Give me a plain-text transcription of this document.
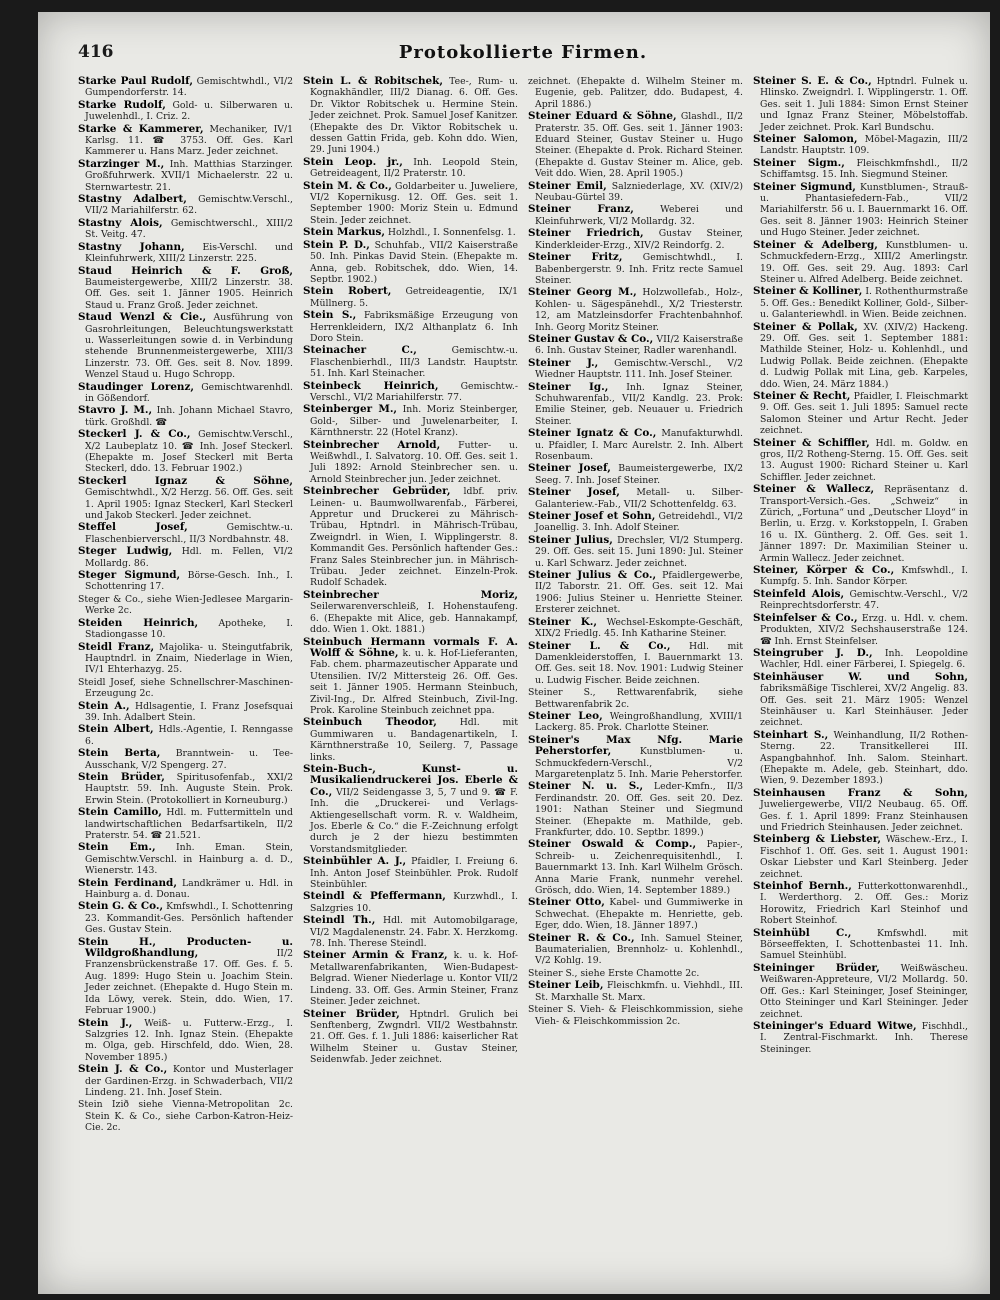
416	Protokollierte Firmen.

Starke Paul Rudolf, Gemischtwhdl., VI/2 Gumpendorferstr. 14.

Starke Rudolf, Gold- u. Silberwaren u. Juwelenhdl., I. Criz. 2.

Starke & Kammerer, Mechaniker, IV/1 Karlsg. 11. ☎ 3753. Off. Ges. Karl Kammerer u. Hans Marz. Jeder zeichnet.

Starzinger M., Inh. Matthias Starzinger. Großfuhrwerk. XVII/1 Michaelerstr. 22 u. Sternwartestr. 21.

Stastny Adalbert, Gemischtw.Verschl., VII/2 Mariahilferstr. 62.

Stastny Alois, Gemischtwerschl., XIII/2 St. Veitg. 47.

Stastny Johann, Eis-Verschl. und Kleinfuhrwerk, XIII/2 Linzerstr. 225.

Staud Heinrich & F. Groß, Baumeistergewerbe, XIII/2 Linzerstr. 38. Off. Ges. seit 1. Jänner 1905. Heinrich Staud u. Franz Groß. Jeder zeichnet.

Staud Wenzl & Cie., Ausführung von Gasrohrleitungen, Beleuchtungswerkstatt u. Wasserleitungen sowie d. in Verbindung stehende Brunnenmeistergewerbe, XIII/3 Linzerstr. 73. Off. Ges. seit 8. Nov. 1899. Wenzel Staud u. Hugo Schropp.

Staudinger Lorenz, Gemischtwarenhdl. in Gößendorf.

Stavro J. M., Inh. Johann Michael Stavro, türk. Großhdl. ☎

Steckerl J. & Co., Gemischtw.Verschl., X/2 Laubeplatz 10. ☎ Inh. Josef Steckerl. (Ehepakte m. Josef Steckerl mit Berta Steckerl, ddo. 13. Februar 1902.)

Steckerl Ignaz & Söhne, Gemischtwhdl., X/2 Herzg. 56. Off. Ges. seit 1. April 1905: Ignaz Steckerl, Karl Steckerl und Jakob Steckerl. Jeder zeichnet.

Steffel Josef, Gemischtw.-u. Flaschenbierverschl., II/3 Nordbahnstr. 48.

Steger Ludwig, Hdl. m. Fellen, VI/2 Mollardg. 86.

Steger Sigmund, Börse-Gesch. Inh., I. Schottenring 17.

Steger & Co., siehe Wien-Jedlesee Margarin-Werke 2c.

Steiden Heinrich, Apotheke, I. Stadiongasse 10.

Steidl Franz, Majolika- u. Steingutfabrik, Hauptndrl. in Znaim, Niederlage in Wien, IV/1 Ehterhazyg. 25.

Steidl Josef, siehe Schnellschrer-Maschinen-Erzeugung 2c.

Stein A., Hdlsagentie, I. Franz Josefsquai 39. Inh. Adalbert Stein.

Stein Albert, Hdls.-Agentie, I. Renngasse 6.

Stein Berta, Branntwein- u. Tee-Ausschank, V/2 Spengerg. 27.

Stein Brüder, Spiritusofenfab., XXI/2 Hauptstr. 59. Inh. Auguste Stein. Prok. Erwin Stein. (Protokolliert in Korneuburg.)

Stein Camillo, Hdl. m. Futtermitteln und landwirtschaftlichen Bedarfsartikeln, II/2 Praterstr. 54. ☎ 21.521.

Stein Em., Inh. Eman. Stein, Gemischtw.Verschl. in Hainburg a. d. D., Wienerstr. 143.

Stein Ferdinand, Landkrämer u. Hdl. in Hainburg a. d. Donau.

Stein G. & Co., Kmfswhdl., I. Schottenring 23. Kommandit-Ges. Persönlich haftender Ges. Gustav Stein.

Stein H., Producten- u. Wildgroßhandlung, II/2 Franzensbrückenstraße 17. Off. Ges. f. 5. Aug. 1899: Hugo Stein u. Joachim Stein. Jeder zeichnet. (Ehepakte d. Hugo Stein m. Ida Löwy, verek. Stein, ddo. Wien, 17. Februar 1900.)

Stein J., Weiß- u. Futterw.-Erzg., I. Salzgries 12. Inh. Ignaz Stein. (Ehepakte m. Olga, geb. Hirschfeld, ddo. Wien, 28. November 1895.)

Stein J. & Co., Kontor und Musterlager der Gardinen-Erzg. in Schwaderbach, VII/2 Lindeng. 21. Inh. Josef Stein.

Stein Izið siehe Vienna-Metropolitan 2c. Stein K. & Co., siehe Carbon-Katron-Heiz-Cie. 2c.

Stein L. & Robitschek, Tee-, Rum- u. Kognakhändler, III/2 Dianag. 6. Off. Ges. Dr. Viktor Robitschek u. Hermine Stein. Jeder zeichnet. Prok. Samuel Josef Kanitzer. (Ehepakte des Dr. Viktor Robitschek u. dessen Gattin Frida, geb. Kohn ddo. Wien, 29. Juni 1904.)

Stein Leop. jr., Inh. Leopold Stein, Getreideagent, II/2 Praterstr. 10.

Stein M. & Co., Goldarbeiter u. Juweliere, VI/2 Kopernikusg. 12. Off. Ges. seit 1. September 1900: Moriz Stein u. Edmund Stein. Jeder zeichnet.

Stein Markus, Holzhdl., I. Sonnenfelsg. 1.

Stein P. D., Schuhfab., VII/2 Kaiserstraße 50. Inh. Pinkas David Stein. (Ehepakte m. Anna, geb. Robitschek, ddo. Wien, 14. Septbr. 1902.)

Stein Robert, Getreideagentie, IX/1 Müllnerg. 5.

Stein S., Fabriksmäßige Erzeugung von Herrenkleidern, IX/2 Althanplatz 6. Inh Doro Stein.

Steinacher C., Gemischtw.-u. Flaschenbierhdl., III/3 Landstr. Hauptstr. 51. Inh. Karl Steinacher.

Steinbeck Heinrich, Gemischtw.-Verschl., VI/2 Mariahilferstr. 77.

Steinberger M., Inh. Moriz Steinberger, Gold-, Silber- und Juwelenarbeiter, I. Kärnthnerstr. 22 (Hotel Kranz).

Steinbrecher Arnold, Futter- u. Weißwhdl., I. Salvatorg. 10. Off. Ges. seit 1. Juli 1892: Arnold Steinbrecher sen. u. Arnold Steinbrecher jun. Jeder zeichnet.

Steinbrecher Gebrüder, ldbf. priv. Leinen- u. Baumwollwarenfab., Färberei, Appretur und Druckerei zu Mährisch-Trübau, Hptndrl. in Mährisch-Trübau, Zweigndrl. in Wien, I. Wipplingerstr. 8. Kommandit Ges. Persönlich haftender Ges.: Franz Sales Steinbrecher jun. in Mährisch-Trübau. Jeder zeichnet. Einzeln-Prok. Rudolf Schadek.

Steinbrecher Moriz, Seilerwarenverschleiß, I. Hohenstaufeng. 6. (Ehepakte mit Alice, geb. Hannakampf, ddo. Wien 1. Okt. 1881.)

Steinbuch Hermann vormals F. A. Wolff & Söhne, k. u. k. Hof-Lieferanten, Fab. chem. pharmazeutischer Apparate und Utensilien. IV/2 Mittersteig 26. Off. Ges. seit 1. Jänner 1905. Hermann Steinbuch, Zivil-Ing., Dr. Alfred Steinbuch, Zivil-Ing. Prok. Karoline Steinbuch zeichnet ppa.

Steinbuch Theodor, Hdl. mit Gummiwaren u. Bandagenartikeln, I. Kärnthnerstraße 10, Seilerg. 7, Passage links.

Stein-Buch-, Kunst- u. Musikaliendruckerei Jos. Eberle & Co., VII/2 Seidengasse 3, 5, 7 und 9. ☎ F. Inh. die „Druckerei- und Verlags-Aktiengesellschaft vorm. R. v. Waldheim, Jos. Eberle & Co.“ die F.-Zeichnung erfolgt durch je 2 der hiezu bestimmten Vorstandsmitglieder.

Steinbühler A. J., Pfaidler, I. Freiung 6. Inh. Anton Josef Steinbühler. Prok. Rudolf Steinbühler.

Steindl & Pfeffermann, Kurzwhdl., I. Salzgries 10.

Steindl Th., Hdl. mit Automobilgarage, VI/2 Magdalenenstr. 24. Fabr. X. Herzkomg. 78. Inh. Therese Steindl.

Steiner Armin & Franz, k. u. k. Hof-Metallwarenfabrikanten, Wien-Budapest-Belgrad. Wiener Niederlage u. Kontor VII/2 Lindeng. 33. Off. Ges. Armin Steiner, Franz Steiner. Jeder zeichnet.

Steiner Brüder, Hptndrl. Grulich bei Senftenberg, Zwgndrl. VII/2 Westbahnstr. 21. Off. Ges. f. 1. Juli 1886: kaiserlicher Rat Wilhelm Steiner u. Gustav Steiner, Seidenwfab. Jeder zeichnet.

zeichnet. (Ehepakte d. Wilhelm Steiner m. Eugenie, geb. Palitzer, ddo. Budapest, 4. April 1886.)

Steiner Eduard & Söhne, Glashdl., II/2 Praterstr. 35. Off. Ges. seit 1. Jänner 1903: Eduard Steiner, Gustav Steiner u. Hugo Steiner. (Ehepakte d. Prok. Richard Steiner. (Ehepakte d. Gustav Steiner m. Alice, geb. Veit ddo. Wien, 28. April 1905.)

Steiner Emil, Salzniederlage, XV. (XIV/2) Neubau-Gürtel 39.

Steiner Franz, Weberei und Kleinfuhrwerk, VI/2 Mollardg. 32.

Steiner Friedrich, Gustav Steiner, Kinderkleider-Erzg., XIV/2 Reindorfg. 2.

Steiner Fritz, Gemischtwhdl., I. Babenbergerstr. 9. Inh. Fritz recte Samuel Steiner.

Steiner Georg M., Holzwollefab., Holz-, Kohlen- u. Sägespänehdl., X/2 Triesterstr. 12, am Matzleinsdorfer Frachtenbahnhof. Inh. Georg Moritz Steiner.

Steiner Gustav & Co., VII/2 Kaiserstraße 6. Inh. Gustav Steiner, Radler warenhandl.

Steiner J., Gemischtw.-Verschl., V/2 Wiedner Hauptstr. 111. Inh. Josef Steiner.

Steiner Ig., Inh. Ignaz Steiner, Schuhwarenfab., VII/2 Kandlg. 23. Prok: Emilie Steiner, geb. Neuauer u. Friedrich Steiner.

Steiner Ignatz & Co., Manufakturwhdl. u. Pfaidler, I. Marc Aurelstr. 2. Inh. Albert Rosenbaum.

Steiner Josef, Baumeistergewerbe, IX/2 Seeg. 7. Inh. Josef Steiner.

Steiner Josef, Metall- u. Silber-Galanteriew.-Fab., VII/2 Schottenfeldg. 63.

Steiner Josef et Sohn, Getreidehdl., VI/2 Joanellig. 3. Inh. Adolf Steiner.

Steiner Julius, Drechsler, VI/2 Stumperg. 29. Off. Ges. seit 15. Juni 1890: Jul. Steiner u. Karl Schwarz. Jeder zeichnet.

Steiner Julius & Co., Pfaidlergewerbe, II/2 Taborstr. 21. Off. Ges. seit 12. Mai 1906: Julius Steiner u. Henriette Steiner. Ersterer zeichnet.

Steiner K., Wechsel-Eskompte-Geschäft, XIX/2 Friedlg. 45. Inh Katharine Steiner.

Steiner L. & Co., Hdl. mit Damenkleiderstoffen, I. Bauernmarkt 13. Off. Ges. seit 18. Nov. 1901: Ludwig Steiner u. Ludwig Fischer. Beide zeichnen.

Steiner S., Rettwarenfabrik, siehe Bettwarenfabrik 2c.

Steiner Leo, Weingroßhandlung, XVIII/1 Lackerg. 85. Prok. Charlotte Steiner.

Steiner's Max Nfg. Marie Peherstorfer, Kunstblumen- u. Schmuckfedern-Verschl., V/2 Margaretenplatz 5. Inh. Marie Peherstorfer.

Steiner N. u. S., Leder-Kmfn., II/3 Ferdinandstr. 20. Off. Ges. seit 20. Dez. 1901: Nathan Steiner und Siegmund Steiner. (Ehepakte m. Mathilde, geb. Frankfurter, ddo. 10. Septbr. 1899.)

Steiner Oswald & Comp., Papier-, Schreib- u. Zeichenrequisitenhdl., I. Bauernmarkt 13. Inh. Karl Wilhelm Grösch. Anna Marie Frank, nunmehr verehel. Grösch, ddo. Wien, 14. September 1889.)

Steiner Otto, Kabel- und Gummiwerke in Schwechat. (Ehepakte m. Henriette, geb. Eger, ddo. Wien, 18. Jänner 1897.)

Steiner R. & Co., Inh. Samuel Steiner, Baumaterialien, Brennholz- u. Kohlenhdl., V/2 Kohlg. 19.

Steiner S., siehe Erste Chamotte 2c.

Steiner Leib, Fleischkmfn. u. Viehhdl., III. St. Marxhalle St. Marx.

Steiner S. Vieh- & Fleischkommission, siehe Vieh- & Fleischkommission 2c.

Steiner S. E. & Co., Hptndrl. Fulnek u. Hlinsko. Zweigndrl. I. Wipplingerstr. 1. Off. Ges. seit 1. Juli 1884: Simon Ernst Steiner und Ignaz Franz Steiner, Möbelstoffab. Jeder zeichnet. Prok. Karl Bundschu.

Steiner Salomon, Möbel-Magazin, III/2 Landstr. Hauptstr. 109.

Steiner Sigm., Fleischkmfnshdl., II/2 Schiffamtsg. 15. Inh. Siegmund Steiner.

Steiner Sigmund, Kunstblumen-, Strauß- u. Phantasiefedern-Fab., VII/2 Mariahilferstr. 56 u. I. Bauernmarkt 16. Off. Ges. seit 8. Jänner 1903: Heinrich Steiner und Hugo Steiner. Jeder zeichnet.

Steiner & Adelberg, Kunstblumen- u. Schmuckfedern-Erzg., XIII/2 Amerlingstr. 19. Off. Ges. seit 29. Aug. 1893: Carl Steiner u. Alfred Adelberg. Beide zeichnet.

Steiner & Kolliner, I. Rothenthurmstraße 5. Off. Ges.: Benedikt Kolliner, Gold-, Silber- u. Galanteriewhdl. in Wien. Beide zeichnen.

Steiner & Pollak, XV. (XIV/2) Hackeng. 29. Off. Ges. seit 1. September 1881: Mathilde Steiner, Holz- u. Kohlenhdl., und Ludwig Pollak. Beide zeichnen. (Ehepakte d. Ludwig Pollak mit Lina, geb. Karpeles, ddo. Wien, 24. März 1884.)

Steiner & Recht, Pfaidler, I. Fleischmarkt 9. Off. Ges. seit 1. Juli 1895: Samuel recte Salomon Steiner und Artur Recht. Jeder zeichnet.

Steiner & Schiffler, Hdl. m. Goldw. en gros, II/2 Rotheng-Sterng. 15. Off. Ges. seit 13. August 1900: Richard Steiner u. Karl Schiffler. Jeder zeichnet.

Steiner & Wallecz, Repräsentanz d. Transport-Versich.-Ges. „Schweiz“ in Zürich, „Fortuna“ und „Deutscher Lloyd“ in Berlin, u. Erzg. v. Korkstoppeln, I. Graben 16 u. IX. Güntherg. 2. Off. Ges. seit 1. Jänner 1897: Dr. Maximilian Steiner u. Armin Wallecz. Jeder zeichnet.

Steiner, Körper & Co., Kmfswhdl., I. Kumpfg. 5. Inh. Sandor Körper.

Steinfeld Alois, Gemischtw.-Verschl., V/2 Reinprechtsdorferstr. 47.

Steinfelser & Co., Erzg. u. Hdl. v. chem. Produkten, XIV/2 Sechshauserstraße 124. ☎ Inh. Ernst Steinfelser.

Steingruber J. D., Inh. Leopoldine Wachler, Hdl. einer Färberei, I. Spiegelg. 6.

Steinhäuser W. und Sohn, fabriksmäßige Tischlerei, XV/2 Angelig. 83. Off. Ges. seit 21. März 1905: Wenzel Steinhäuser u. Karl Steinhäuser. Jeder zeichnet.

Steinhart S., Weinhandlung, II/2 Rothen-Sterng. 22. Transitkellerei III. Aspangbahnhof. Inh. Salom. Steinhart. (Ehepakte m. Adele, geb. Steinhart, ddo. Wien, 9. Dezember 1893.)

Steinhausen Franz & Sohn, Juweliergewerbe, VII/2 Neubaug. 65. Off. Ges. f. 1. April 1899: Franz Steinhausen und Friedrich Steinhausen. Jeder zeichnet.

Steinberg & Liebster, Wäschew.-Erz., I. Fischhof 1. Off. Ges. seit 1. August 1901: Oskar Liebster und Karl Steinberg. Jeder zeichnet.

Steinhof Bernh., Futterkottonwarenhdl., I. Werderthorg. 2. Off. Ges.: Moriz Horowitz, Friedrich Karl Steinhof und Robert Steinhof.

Steinhübl C., Kmfswhdl. mit Börseeffekten, I. Schottenbastei 11. Inh. Samuel Steinhübl.

Steininger Brüder, Weißwäscheu. Weißwaren-Appreteure, VI/2 Mollardg. 50. Off. Ges.: Karl Steininger, Josef Steininger, Otto Steininger und Karl Steininger. Jeder zeichnet.

Steininger's Eduard Witwe, Fischhdl., I. Zentral-Fischmarkt. Inh. Therese Steininger.
